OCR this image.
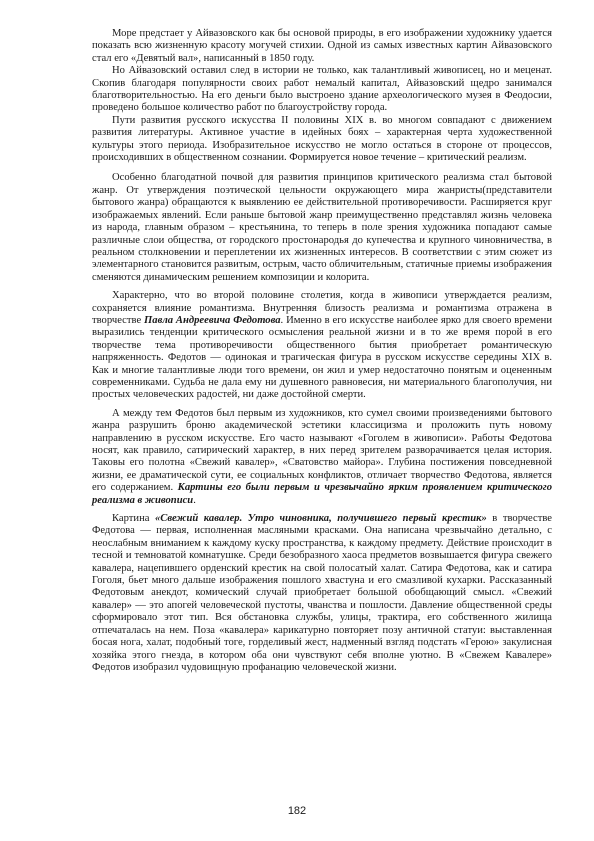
Море предстает у Айвазовского как бы основой природы, в его изображении художнику удается показать всю жизненную красоту могучей стихии. Одной из самых известных картин Айвазовского стал его «Девятый вал», написанный в 1850 году.

Но Айвазовский оставил след в истории не только, как талантливый живописец, но и меценат. Скопив благодаря популярности своих работ немалый капитал, Айвазовский щедро занимался благотворительностью. На его деньги было выстроено здание археологического музея в Феодосии, проведено большое количество работ по благоустройству города.

Пути развития русского искусства II половины XIX в. во многом совпадают с движением развития литературы. Активное участие в идейных боях – характерная черта художественной культуры этого периода. Изобразительное искусство не могло остаться в стороне от процессов, происходивших в общественном сознании. Формируется новое течение – критический реализм.

Особенно благодатной почвой для развития принципов критического реализма стал бытовой жанр. От утверждения поэтической цельности окружающего мира жанристы(представители бытового жанра) обращаются к выявлению ее действительной противоречивости. Расширяется круг изображаемых явлений. Если раньше бытовой жанр преимущественно представлял жизнь человека из народа, главным образом – крестьянина, то теперь в поле зрения художника попадают самые различные слои общества, от городского простонародья до купечества и крупного чиновничества, в реальном столкновении и переплетении их жизненных интересов. В соответствии с этим сюжет из элементарного становится развитым, острым, часто обличительным, статичные приемы изображения сменяются динамическим решением композиции и колорита.

Характерно, что во второй половине столетия, когда в живописи утверждается реализм, сохраняется влияние романтизма. Внутренняя близость реализма и романтизма отражена в творчестве Павла Андреевича Федотова. Именно в его искусстве наиболее ярко для своего времени выразились тенденции критического осмысления реальной жизни и в то же время порой в его творчестве тема противоречивости общественного бытия приобретает романтическую напряженность. Федотов — одинокая и трагическая фигура в русском искусстве середины XIX в. Как и многие талантливые люди того времени, он жил и умер недостаточно понятым и оцененным современниками. Судьба не дала ему ни душевного равновесия, ни материального благополучия, ни простых человеческих радостей, ни даже достойной смерти.

А между тем Федотов был первым из художников, кто сумел своими произведениями бытового жанра разрушить броню академической эстетики классицизма и проложить путь новому направлению в русском искусстве. Его часто называют «Гоголем в живописи». Работы Федотова носят, как правило, сатирический характер, в них перед зрителем разворачивается целая история. Таковы его полотна «Свежий кавалер», «Сватовство майора». Глубина постижения повседневной жизни, ее драматической сути, ее социальных конфликтов, отличает творчество Федотова, является его содержанием. Картины его были первым и чрезвычайно ярким проявлением критического реализма в живописи.

Картина «Свежий кавалер. Утро чиновника, получившего первый крестик» в творчестве Федотова — первая, исполненная масляными красками. Она написана чрезвычайно детально, с неослабным вниманием к каждому куску пространства, к каждому предмету. Действие происходит в тесной и темноватой комнатушке. Среди безобразного хаоса предметов возвышается фигура свежего кавалера, нацепившего орденский крестик на свой полосатый халат. Сатира Федотова, как и сатира Гоголя, бьет много дальше изображения пошлого хвастуна и его смазливой кухарки. Рассказанный Федотовым анекдот, комический случай приобретает большой обобщающий смысл. «Свежий кавалер» — это апогей человеческой пустоты, чванства и пошлости. Давление общественной среды сформировало этот тип. Вся обстановка службы, улицы, трактира, его собственного жилища отпечаталась на нем. Поза «кавалера» карикатурно повторяет позу античной статуи: выставленная босая нога, халат, подобный тоге, горделивый жест, надменный взгляд подстать «Герою» закулисная хозяйка этого гнезда, в котором оба они чувствуют себя вполне уютно. В «Свежем Кавалере» Федотов изобразил чудовищную профанацию человеческой жизни.

182
